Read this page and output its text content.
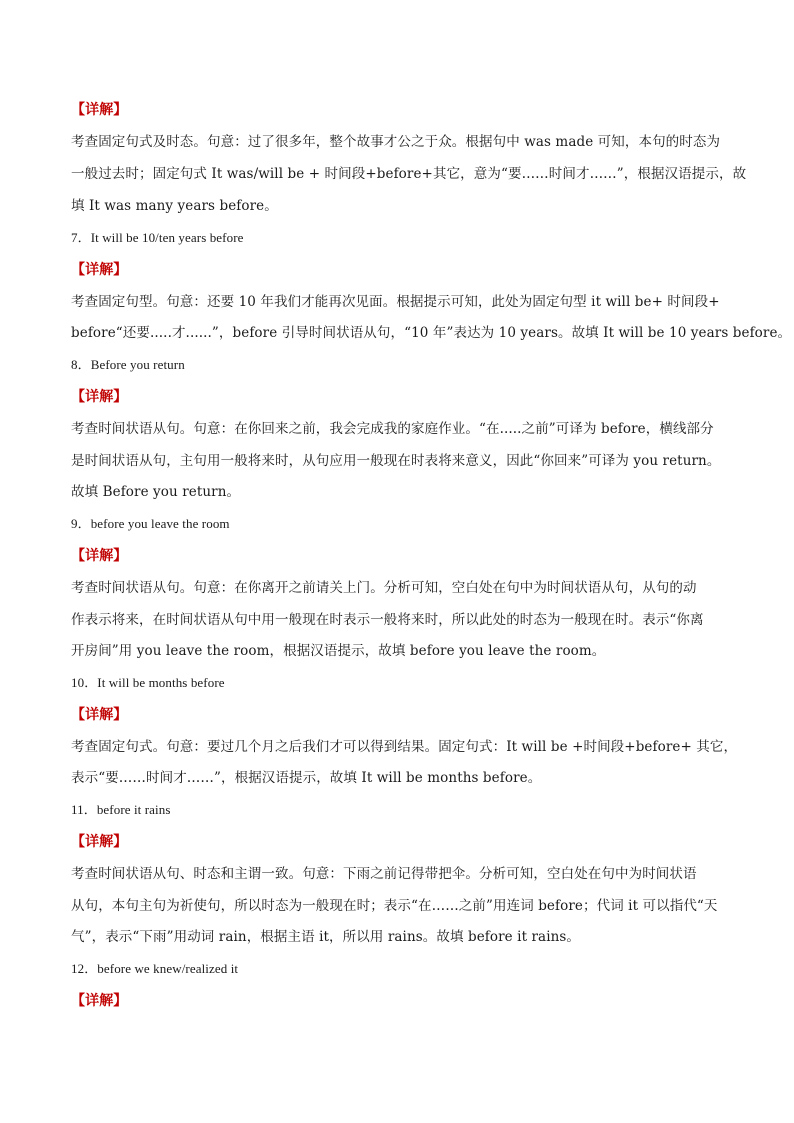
【详解】
考查固定句式及时态。句意：过了很多年，整个故事才公之于众。根据句中 was made 可知，本句的时态为
一般过去时；固定句式 It was/will be + 时间段+before+其它，意为“要……时间才……”，根据汉语提示，故
填 It was many years before。
7．It will be 10/ten years before
【详解】
考查固定句型。句意：还要 10 年我们才能再次见面。根据提示可知，此处为固定句型 it will be+ 时间段+
before“还要.....才......”，before 引导时间状语从句，“10 年”表达为 10 years。故填 It will be 10 years before。
8．Before you return
【详解】
考查时间状语从句。句意：在你回来之前，我会完成我的家庭作业。“在.....之前”可译为 before，横线部分
是时间状语从句，主句用一般将来时，从句应用一般现在时表将来意义，因此“你回来”可译为 you return。
故填 Before you return。
9．before you leave the room
【详解】
考查时间状语从句。句意：在你离开之前请关上门。分析可知，空白处在句中为时间状语从句，从句的动
作表示将来，在时间状语从句中用一般现在时表示一般将来时，所以此处的时态为一般现在时。表示“你离
开房间”用 you leave the room，根据汉语提示，故填 before you leave the room。
10．It will be months before
【详解】
考查固定句式。句意：要过几个月之后我们才可以得到结果。固定句式：It will be +时间段+before+ 其它，
表示“要……时间才……”，根据汉语提示，故填 It will be months before。
11．before it rains
【详解】
考查时间状语从句、时态和主谓一致。句意：下雨之前记得带把伞。分析可知，空白处在句中为时间状语
从句，本句主句为祈使句，所以时态为一般现在时；表示“在……之前”用连词 before；代词 it 可以指代“天
气”，表示“下雨”用动词 rain，根据主语 it，所以用 rains。故填 before it rains。
12．before we knew/realized it
【详解】
